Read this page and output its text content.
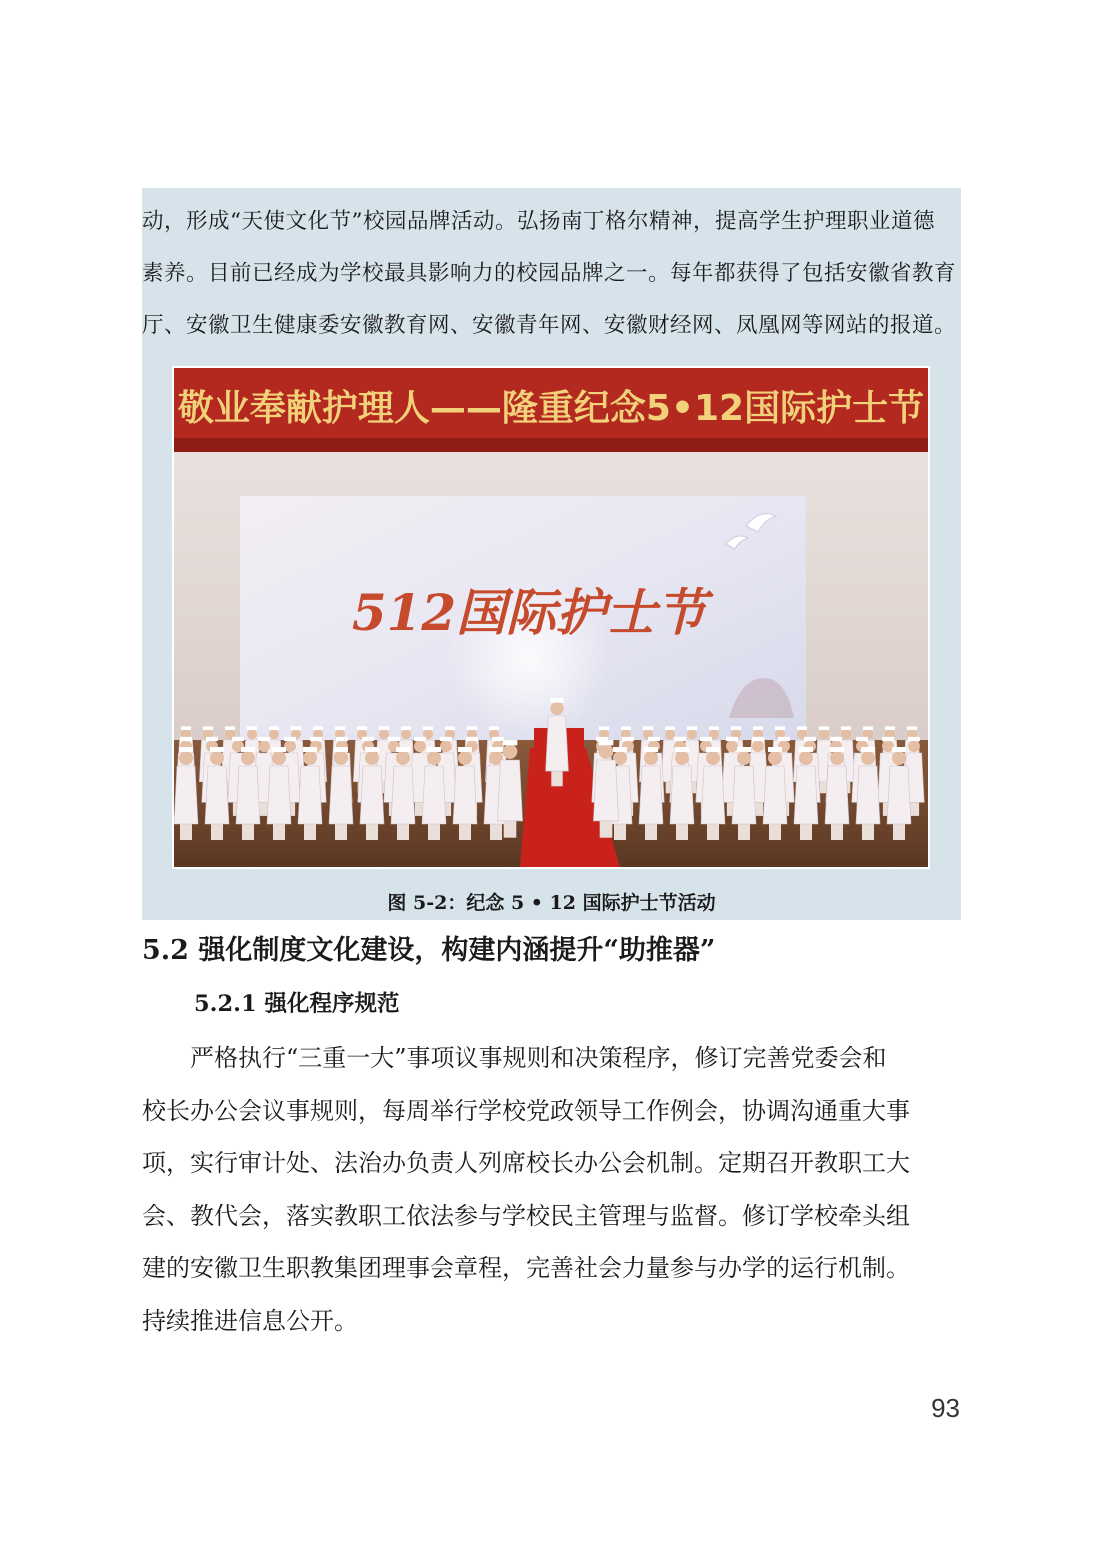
动，形成“天使文化节”校园品牌活动。弘扬南丁格尔精神，提高学生护理职业道德
素养。目前已经成为学校最具影响力的校园品牌之一。每年都获得了包括安徽省教育
厅、安徽卫生健康委安徽教育网、安徽青年网、安徽财经网、凤凰网等网站的报道。
敬业奉献护理人——隆重纪念5•12国际护士节
512国际护士节
图 5-2：纪念 5 • 12 国际护士节活动
5.2 强化制度文化建设，构建内涵提升“助推器”
5.2.1 强化程序规范
严格执行“三重一大”事项议事规则和决策程序，修订完善党委会和
校长办公会议事规则，每周举行学校党政领导工作例会，协调沟通重大事
项，实行审计处、法治办负责人列席校长办公会机制。定期召开教职工大
会、教代会，落实教职工依法参与学校民主管理与监督。修订学校牵头组
建的安徽卫生职教集团理事会章程，完善社会力量参与办学的运行机制。
持续推进信息公开。
93
